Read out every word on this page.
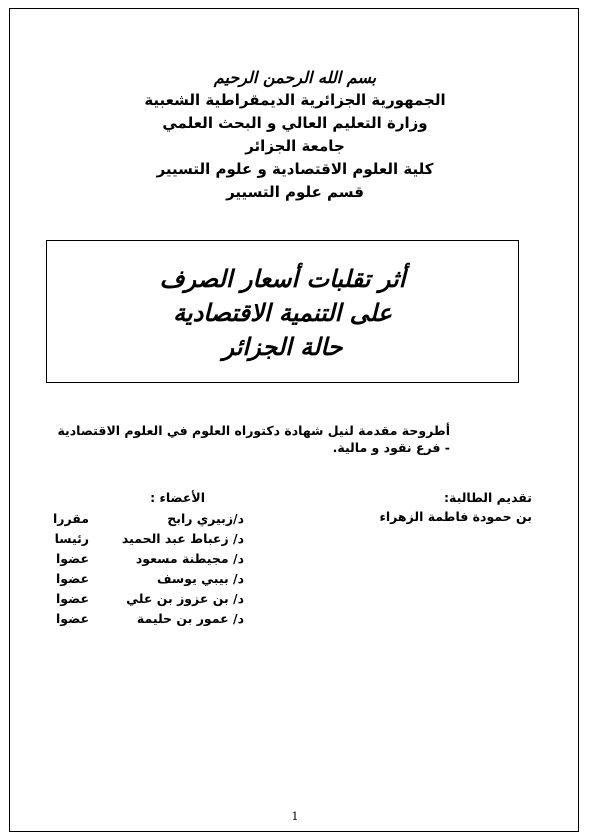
بسم الله الرحمن الرحيم
الجمهورية الجزائرية الديمقراطية الشعبية
وزارة التعليم العالي و البحث العلمي
جامعة الجزائر
كلية العلوم الاقتصادية و علوم التسيير
قسم علوم التسيير
أثر تقلبات أسعار الصرف
على التنمية الاقتصادية
حالة الجزائر
أطروحة مقدمة لنيل شهادة دكتوراه العلوم في العلوم الاقتصادية
- فرع نقود و مالية.
تقديم الطالبة:
بن حمودة فاطمة الزهراء
الأعضاء :
د/زبيري رابح
مقررا
د/ زعباط عبد الحميد
رئيسا
د/ مجيطنة مسعود
عضوا
د/ بيبي يوسف
عضوا
د/ بن عزوز بن علي
عضوا
د/ عمور بن حليمة
عضوا
1
